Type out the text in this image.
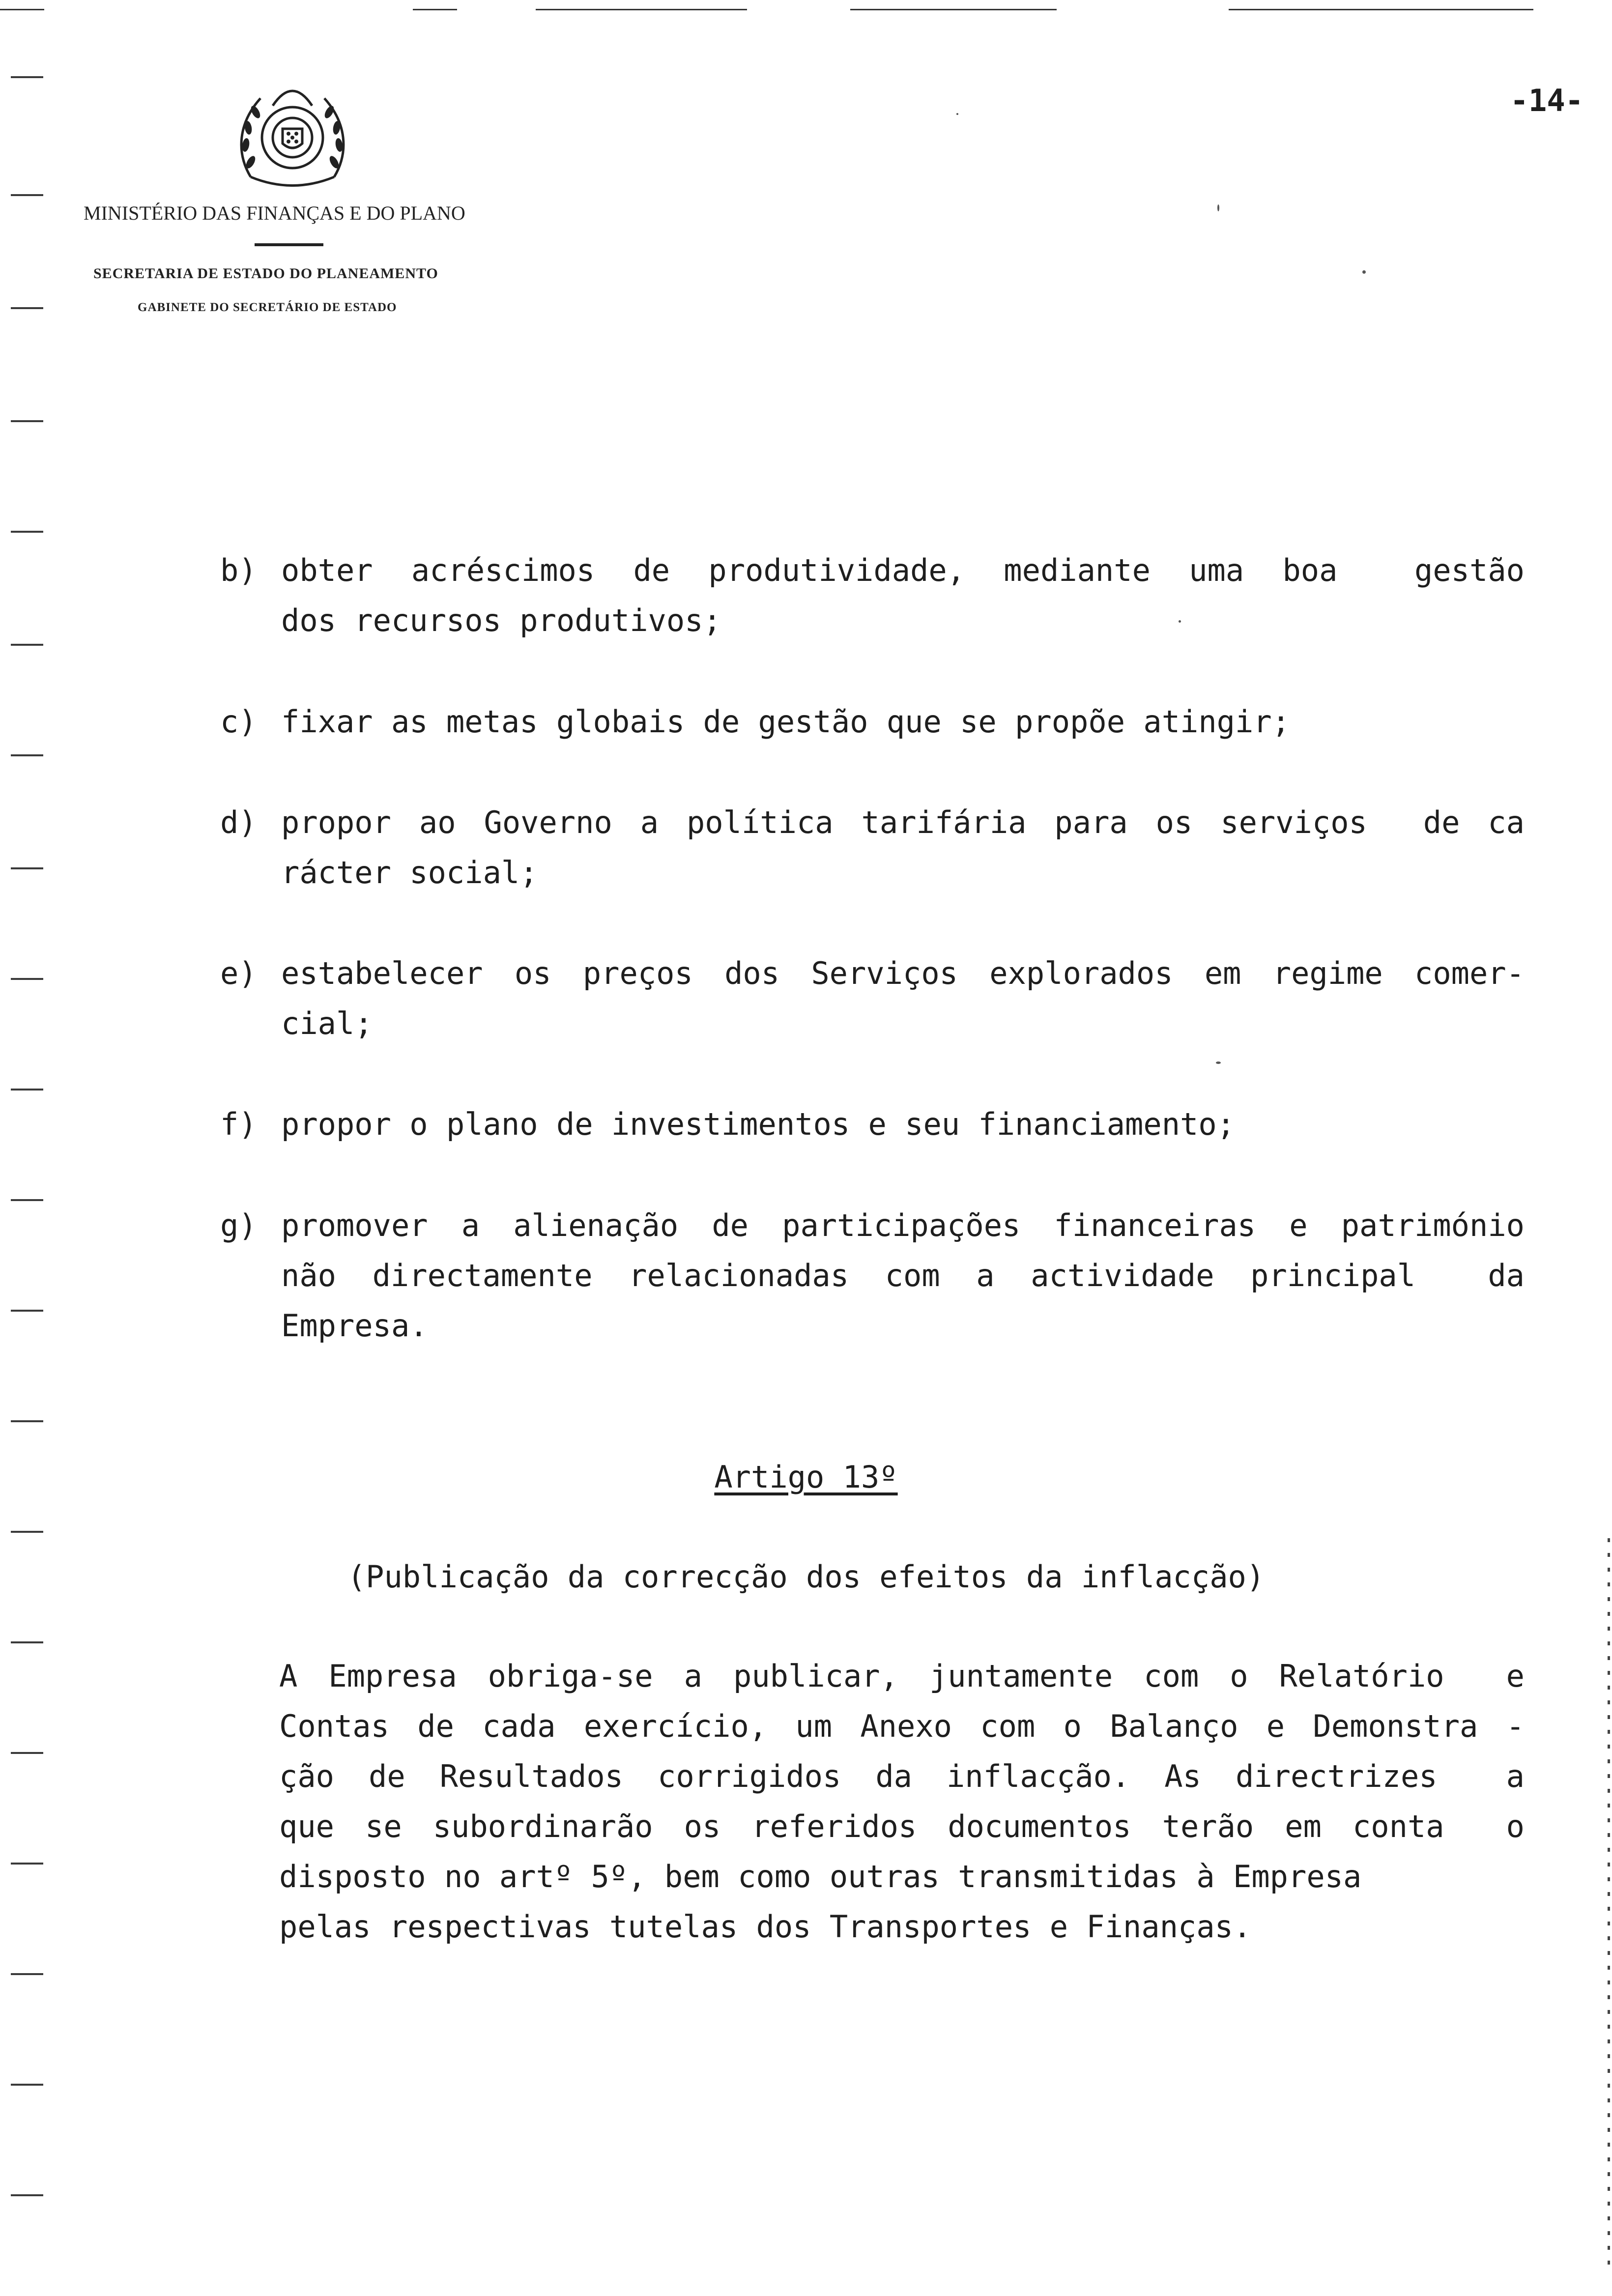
MINISTÉRIO DAS FINANÇAS E DO PLANO
SECRETARIA DE ESTADO DO PLANEAMENTO
GABINETE DO SECRETÁRIO DE ESTADO
-14-
b) obter acréscimos de produtividade, mediante uma boa  gestão
dos recursos produtivos;
c) fixar as metas globais de gestão que se propõe atingir;
d) propor ao Governo a política tarifária para os serviços  de ca
rácter social;
e) estabelecer os preços dos Serviços explorados em regime comer-
cial;
f) propor o plano de investimentos e seu financiamento;
g) promover a alienação de participações financeiras e património
não directamente relacionadas com a actividade principal  da
Empresa.
Artigo 13º
(Publicação da correcção dos efeitos da inflacção)
A Empresa obriga-se a publicar, juntamente com o Relatório  e
Contas de cada exercício, um Anexo com o Balanço e Demonstra -
ção de Resultados corrigidos da inflacção. As directrizes  a
que se subordinarão os referidos documentos terão em conta  o
disposto no artº 5º, bem como outras transmitidas à Empresa
pelas respectivas tutelas dos Transportes e Finanças.
